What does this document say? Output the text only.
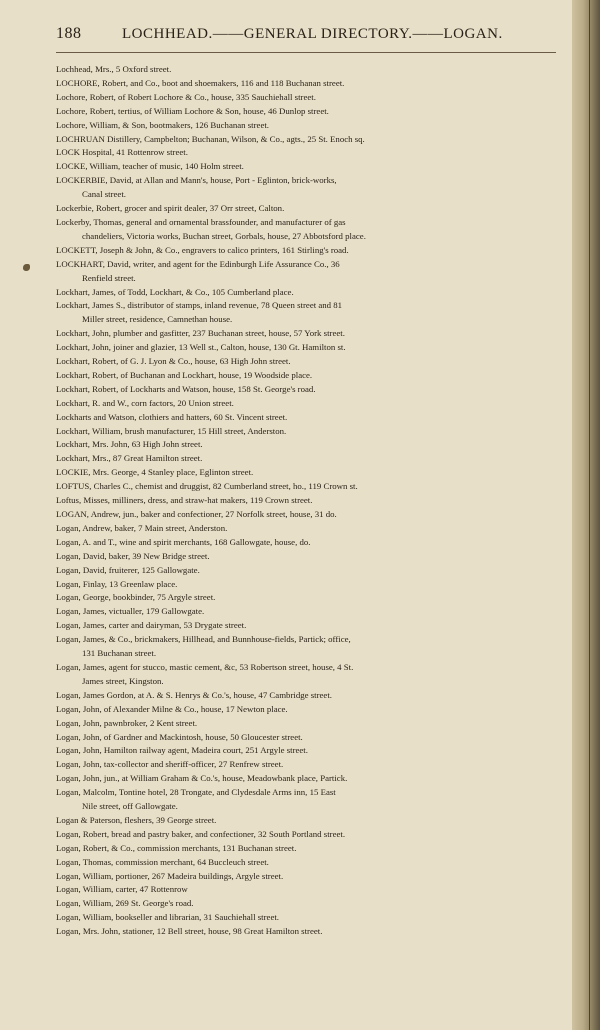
188	LOCHHEAD.——GENERAL DIRECTORY.——LOGAN.
Lochhead, Mrs., 5 Oxford street.
LOCHORE, Robert, and Co., boot and shoemakers, 116 and 118 Buchanan street.
Lochore, Robert, of Robert Lochore & Co., house, 335 Sauchiehall street.
Lochore, Robert, tertius, of William Lochore & Son, house, 46 Dunlop street.
Lochore, William, & Son, bootmakers, 126 Buchanan street.
LOCHRUAN Distillery, Campbelton; Buchanan, Wilson, & Co., agts., 25 St. Enoch sq.
LOCK Hospital, 41 Rottenrow street.
LOCKE, William, teacher of music, 140 Holm street.
LOCKERBIE, David, at Allan and Mann's, house, Port - Eglinton, brick-works,
Canal street.
Lockerbie, Robert, grocer and spirit dealer, 37 Orr street, Calton.
Lockerby, Thomas, general and ornamental brassfounder, and manufacturer of gas
chandeliers, Victoria works, Buchan street, Gorbals, house, 27 Abbotsford place.
LOCKETT, Joseph & John, & Co., engravers to calico printers, 161 Stirling's road.
LOCKHART, David, writer, and agent for the Edinburgh Life Assurance Co., 36
Renfield street.
Lockhart, James, of Todd, Lockhart, & Co., 105 Cumberland place.
Lockhart, James S., distributor of stamps, inland revenue, 78 Queen street and 81
Miller street, residence, Camnethan house.
Lockhart, John, plumber and gasfitter, 237 Buchanan street, house, 57 York street.
Lockhart, John, joiner and glazier, 13 Well st., Calton, house, 130 Gt. Hamilton st.
Lockhart, Robert, of G. J. Lyon & Co., house, 63 High John street.
Lockhart, Robert, of Buchanan and Lockhart, house, 19 Woodside place.
Lockhart, Robert, of Lockharts and Watson, house, 158 St. George's road.
Lockhart, R. and W., corn factors, 20 Union street.
Lockharts and Watson, clothiers and hatters, 60 St. Vincent street.
Lockhart, William, brush manufacturer, 15 Hill street, Anderston.
Lockhart, Mrs. John, 63 High John street.
Lockhart, Mrs., 87 Great Hamilton street.
LOCKIE, Mrs. George, 4 Stanley place, Eglinton street.
LOFTUS, Charles C., chemist and druggist, 82 Cumberland street, ho., 119 Crown st.
Loftus, Misses, milliners, dress, and straw-hat makers, 119 Crown street.
LOGAN, Andrew, jun., baker and confectioner, 27 Norfolk street, house, 31 do.
Logan, Andrew, baker, 7 Main street, Anderston.
Logan, A. and T., wine and spirit merchants, 168 Gallowgate, house, do.
Logan, David, baker, 39 New Bridge street.
Logan, David, fruiterer, 125 Gallowgate.
Logan, Finlay, 13 Greenlaw place.
Logan, George, bookbinder, 75 Argyle street.
Logan, James, victualler, 179 Gallowgate.
Logan, James, carter and dairyman, 53 Drygate street.
Logan, James, & Co., brickmakers, Hillhead, and Bunnhouse-fields, Partick; office,
131 Buchanan street.
Logan, James, agent for stucco, mastic cement, &c, 53 Robertson street, house, 4 St.
James street, Kingston.
Logan, James Gordon, at A. & S. Henrys & Co.'s, house, 47 Cambridge street.
Logan, John, of Alexander Milne & Co., house, 17 Newton place.
Logan, John, pawnbroker, 2 Kent street.
Logan, John, of Gardner and Mackintosh, house, 50 Gloucester street.
Logan, John, Hamilton railway agent, Madeira court, 251 Argyle street.
Logan, John, tax-collector and sheriff-officer, 27 Renfrew street.
Logan, John, jun., at William Graham & Co.'s, house, Meadowbank place, Partick.
Logan, Malcolm, Tontine hotel, 28 Trongate, and Clydesdale Arms inn, 15 East
Nile street, off Gallowgate.
Logan & Paterson, fleshers, 39 George street.
Logan, Robert, bread and pastry baker, and confectioner, 32 South Portland street.
Logan, Robert, & Co., commission merchants, 131 Buchanan street.
Logan, Thomas, commission merchant, 64 Buccleuch street.
Logan, William, portioner, 267 Madeira buildings, Argyle street.
Logan, William, carter, 47 Rottenrow
Logan, William, 269 St. George's road.
Logan, William, bookseller and librarian, 31 Sauchiehall street.
Logan, Mrs. John, stationer, 12 Bell street, house, 98 Great Hamilton street.
